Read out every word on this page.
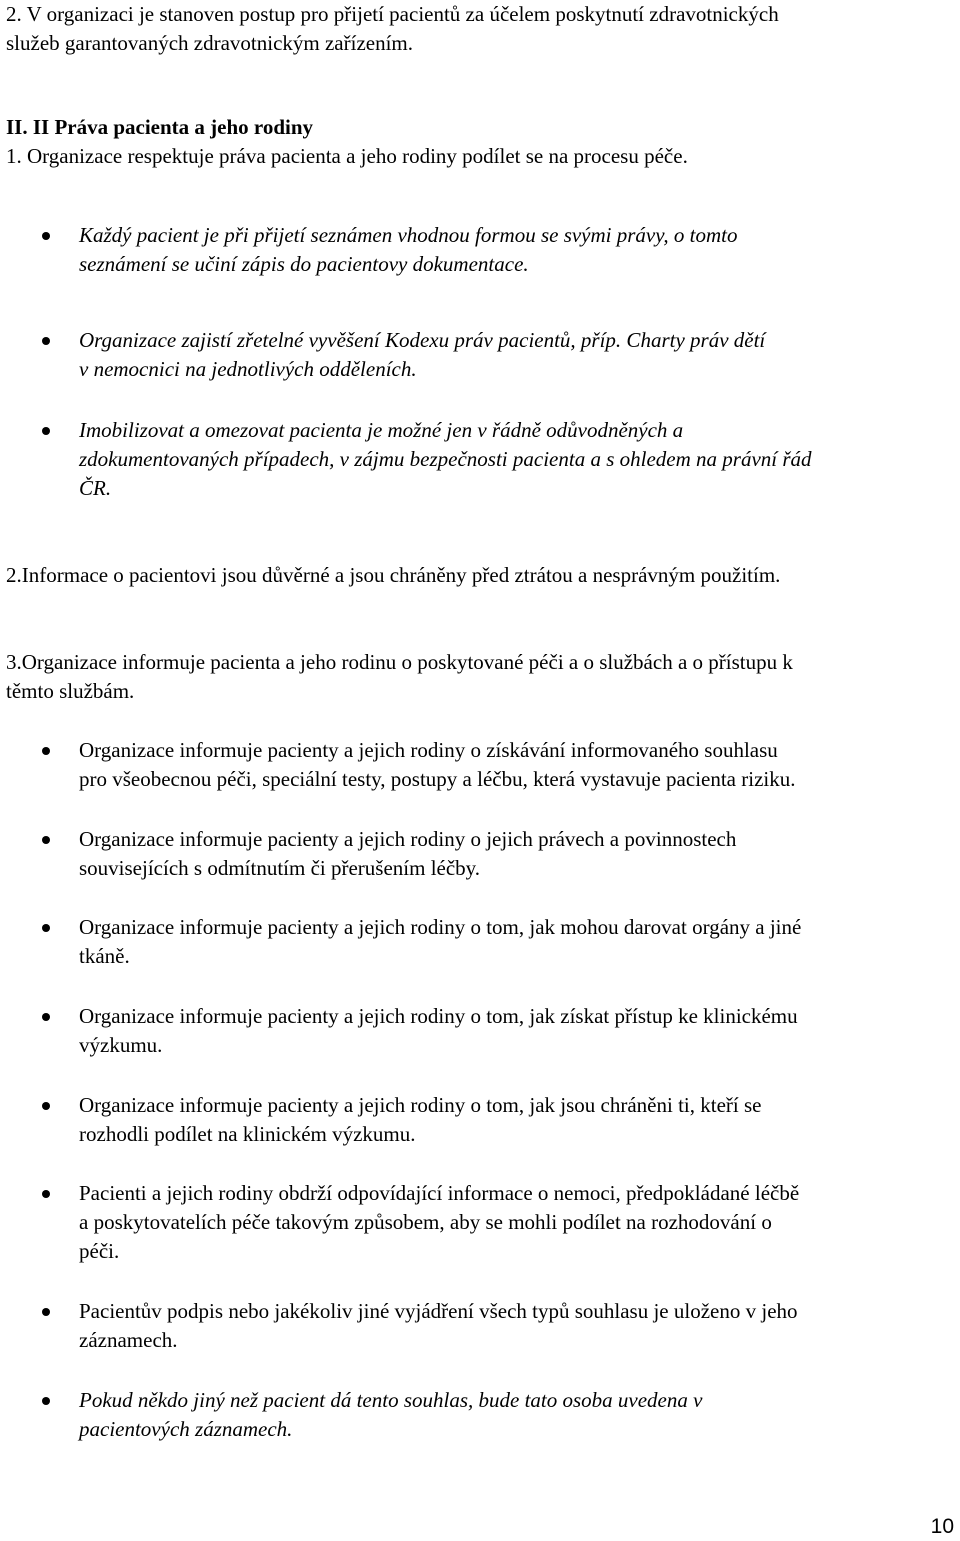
2. V organizaci je stanoven postup pro přijetí pacientů za účelem poskytnutí zdravotnických
služeb garantovaných zdravotnickým zařízením.

II. II Práva pacienta a jeho rodiny

1. Organizace respektuje práva pacienta a jeho rodiny podílet se na procesu péče.

Každý pacient je při přijetí seznámen vhodnou formou se svými právy, o tomto
seznámení se učiní zápis do pacientovy dokumentace.
Organizace zajistí zřetelné vyvěšení Kodexu práv pacientů, příp. Charty práv dětí
v nemocnici na jednotlivých odděleních.
Imobilizovat a omezovat pacienta je možné jen v řádně odůvodněných a
zdokumentovaných případech, v zájmu bezpečnosti pacienta a s ohledem na právní řád
ČR.

2.Informace o pacientovi jsou důvěrné a jsou chráněny před ztrátou a nesprávným použitím.

3.Organizace informuje pacienta a jeho rodinu o poskytované péči a o službách a o přístupu k
těmto službám.

Organizace informuje pacienty a jejich rodiny o získávání informovaného souhlasu
pro všeobecnou péči, speciální testy, postupy a léčbu, která vystavuje pacienta riziku.
Organizace informuje pacienty a jejich rodiny o jejich právech a povinnostech
souvisejících s odmítnutím či přerušením léčby.
Organizace informuje pacienty a jejich rodiny o tom, jak mohou darovat orgány a jiné
tkáně.
Organizace informuje pacienty a jejich rodiny o tom, jak získat přístup ke klinickému
výzkumu.
Organizace informuje pacienty a jejich rodiny o tom, jak jsou chráněni ti, kteří se
rozhodli podílet na klinickém výzkumu.
Pacienti a jejich rodiny obdrží odpovídající informace o nemoci, předpokládané léčbě
a poskytovatelích péče takovým způsobem, aby se mohli podílet na rozhodování o
péči.
Pacientův podpis nebo jakékoliv jiné vyjádření všech typů souhlasu je uloženo v jeho
záznamech.
Pokud někdo jiný než pacient dá tento souhlas, bude tato osoba uvedena v
pacientových záznamech.
10
